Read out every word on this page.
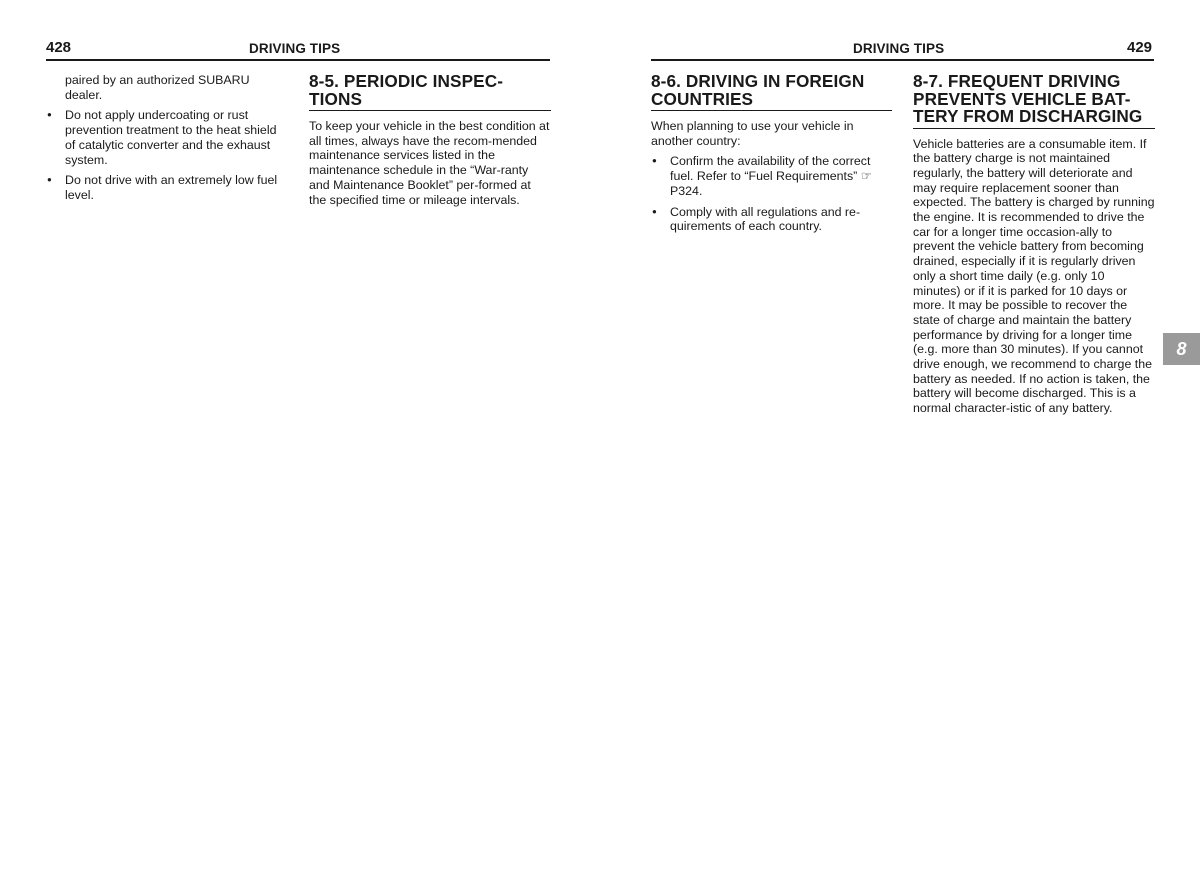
428	DRIVING TIPS

paired by an authorized SUBARU dealer.

● Do not apply undercoating or rust prevention treatment to the heat shield of catalytic converter and the exhaust system.
● Do not drive with an extremely low fuel level.
8-5. PERIODIC INSPEC-TIONS

To keep your vehicle in the best condition at all times, always have the recom-mended maintenance services listed in the maintenance schedule in the “War-ranty and Maintenance Booklet” per-formed at the specified time or mileage intervals.

DRIVING TIPS	429
8-6. DRIVING IN FOREIGN COUNTRIES

When planning to use your vehicle in another country:

● Confirm the availability of the correct fuel. Refer to “Fuel Requirements” ☞P324.
● Comply with all regulations and re-quirements of each country.
8-7. FREQUENT DRIVING PREVENTS VEHICLE BAT-TERY FROM DISCHARGING

Vehicle batteries are a consumable item. If the battery charge is not maintained regularly, the battery will deteriorate and may require replacement sooner than expected. The battery is charged by running the engine. It is recommended to drive the car for a longer time occasion-ally to prevent the vehicle battery from becoming drained, especially if it is regularly driven only a short time daily (e.g. only 10 minutes) or if it is parked for 10 days or more. It may be possible to recover the state of charge and maintain the battery performance by driving for a longer time (e.g. more than 30 minutes). If you cannot drive enough, we recommend to charge the battery as needed. If no action is taken, the battery will become discharged. This is a normal character-istic of any battery.

8
